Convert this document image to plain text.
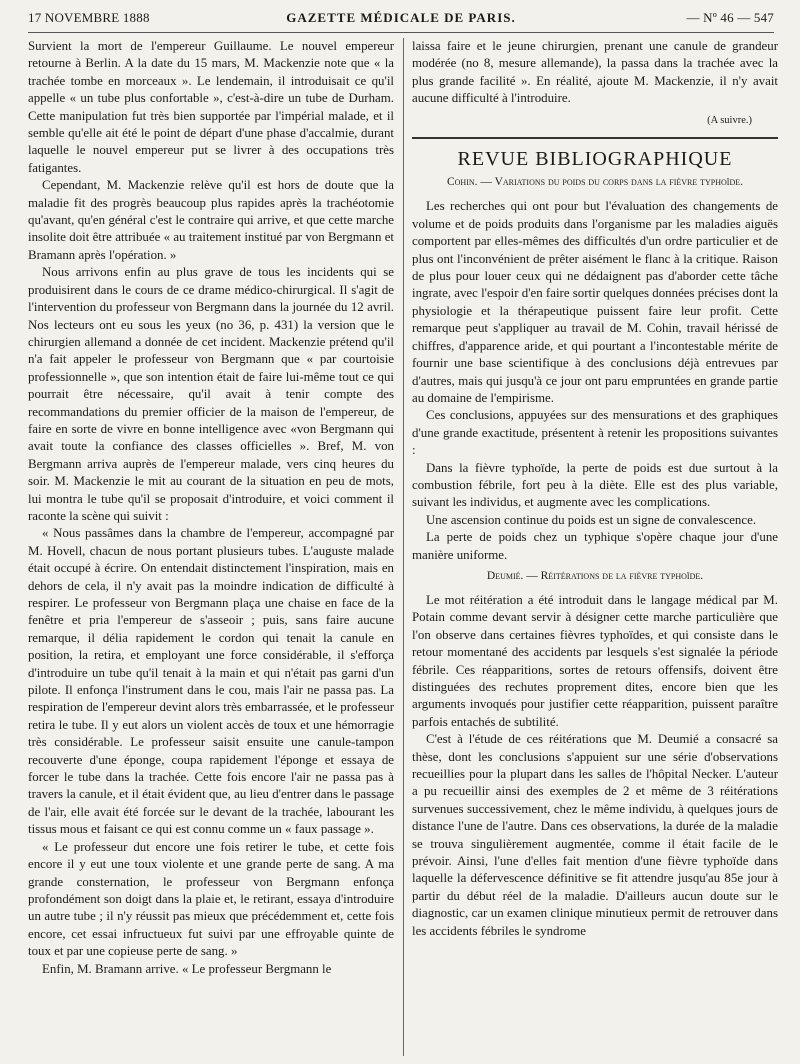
17 NOVEMBRE 1888	GAZETTE MÉDICALE DE PARIS.	— Nº 46 — 547

Survient la mort de l'empereur Guillaume. Le nouvel empereur retourne à Berlin. A la date du 15 mars, M. Mackenzie note que « la trachée tombe en morceaux ». Le lendemain, il introduisait ce qu'il appelle « un tube plus confortable », c'est-à-dire un tube de Durham. Cette manipulation fut très bien supportée par l'impérial malade, et il semble qu'elle ait été le point de départ d'une phase d'accalmie, durant laquelle le nouvel empereur put se livrer à des occupations très fatigantes.

Cependant, M. Mackenzie relève qu'il est hors de doute que la maladie fit des progrès beaucoup plus rapides après la trachéotomie qu'avant, qu'en général c'est le contraire qui arrive, et que cette marche insolite doit être attribuée « au traitement institué par von Bergmann et Bramann après l'opération. »

Nous arrivons enfin au plus grave de tous les incidents qui se produisirent dans le cours de ce drame médico-chirurgical. Il s'agit de l'intervention du professeur von Bergmann dans la journée du 12 avril. Nos lecteurs ont eu sous les yeux (no 36, p. 431) la version que le chirurgien allemand a donnée de cet incident. Mackenzie prétend qu'il n'a fait appeler le professeur von Bergmann que « par courtoisie professionnelle », que son intention était de faire lui-même tout ce qui pourrait être nécessaire, qu'il avait à tenir compte des recommandations du premier officier de la maison de l'empereur, de faire en sorte de vivre en bonne intelligence avec «von Bergmann qui avait toute la confiance des classes officielles ». Bref, M. von Bergmann arriva auprès de l'empereur malade, vers cinq heures du soir. M. Mackenzie le mit au courant de la situation en peu de mots, lui montra le tube qu'il se proposait d'introduire, et voici comment il raconte la scène qui suivit :

« Nous passâmes dans la chambre de l'empereur, accompagné par M. Hovell, chacun de nous portant plusieurs tubes. L'auguste malade était occupé à écrire. On entendait distinctement l'inspiration, mais en dehors de cela, il n'y avait pas la moindre indication de difficulté à respirer. Le professeur von Bergmann plaça une chaise en face de la fenêtre et pria l'empereur de s'asseoir ; puis, sans faire aucune remarque, il délia rapidement le cordon qui tenait la canule en position, la retira, et employant une force considérable, il s'efforça d'introduire un tube qu'il tenait à la main et qui n'était pas garni d'un pilote. Il enfonça l'instrument dans le cou, mais l'air ne passa pas. La respiration de l'empereur devint alors très embarrassée, et le professeur retira le tube. Il y eut alors un violent accès de toux et une hémorragie très considérable. Le professeur saisit ensuite une canule-tampon recouverte d'une éponge, coupa rapidement l'éponge et essaya de forcer le tube dans la trachée. Cette fois encore l'air ne passa pas à travers la canule, et il était évident que, au lieu d'entrer dans le passage de l'air, elle avait été forcée sur le devant de la trachée, labourant les tissus mous et faisant ce qui est connu comme un « faux passage ».

« Le professeur dut encore une fois retirer le tube, et cette fois encore il y eut une toux violente et une grande perte de sang. A ma grande consternation, le professeur von Bergmann enfonça profondément son doigt dans la plaie et, le retirant, essaya d'introduire un autre tube ; il n'y réussit pas mieux que précédemment et, cette fois encore, cet essai infructueux fut suivi par une effroyable quinte de toux et par une copieuse perte de sang. »

Enfin, M. Bramann arrive. « Le professeur Bergmann le

laissa faire et le jeune chirurgien, prenant une canule de grandeur modérée (no 8, mesure allemande), la passa dans la trachée avec la plus grande facilité ». En réalité, ajoute M. Mackenzie, il n'y avait aucune difficulté à l'introduire.

(A suivre.)
REVUE BIBLIOGRAPHIQUE
Cohin. — Variations du poids du corps dans la fièvre typhoïde.

Les recherches qui ont pour but l'évaluation des changements de volume et de poids produits dans l'organisme par les maladies aiguës comportent par elles-mêmes des difficultés d'un ordre particulier et de plus ont l'inconvénient de prêter aisément le flanc à la critique. Raison de plus pour louer ceux qui ne dédaignent pas d'aborder cette tâche ingrate, avec l'espoir d'en faire sortir quelques données précises dont la physiologie et la thérapeutique puissent faire leur profit. Cette remarque peut s'appliquer au travail de M. Cohin, travail hérissé de chiffres, d'apparence aride, et qui pourtant a l'incontestable mérite de fournir une base scientifique à des conclusions déjà entrevues par d'autres, mais qui jusqu'à ce jour ont paru empruntées en grande partie au domaine de l'empirisme.

Ces conclusions, appuyées sur des mensurations et des graphiques d'une grande exactitude, présentent à retenir les propositions suivantes :

Dans la fièvre typhoïde, la perte de poids est due surtout à la combustion fébrile, fort peu à la diète. Elle est des plus variable, suivant les individus, et augmente avec les complications.

Une ascension continue du poids est un signe de convalescence.

La perte de poids chez un typhique s'opère chaque jour d'une manière uniforme.

Deumié. — Réitérations de la fièvre typhoïde.

Le mot réitération a été introduit dans le langage médical par M. Potain comme devant servir à désigner cette marche particulière que l'on observe dans certaines fièvres typhoïdes, et qui consiste dans le retour momentané des accidents par lesquels s'est signalée la période fébrile. Ces réapparitions, sortes de retours offensifs, doivent être distinguées des rechutes proprement dites, encore bien que les arguments invoqués pour justifier cette réapparition, puissent paraître parfois entachés de subtilité.

C'est à l'étude de ces réitérations que M. Deumié a consacré sa thèse, dont les conclusions s'appuient sur une série d'observations recueillies pour la plupart dans les salles de l'hôpital Necker. L'auteur a pu recueillir ainsi des exemples de 2 et même de 3 réitérations survenues successivement, chez le même individu, à quelques jours de distance l'une de l'autre. Dans ces observations, la durée de la maladie se trouva singulièrement augmentée, comme il était facile de le prévoir. Ainsi, l'une d'elles fait mention d'une fièvre typhoïde dans laquelle la défervescence définitive se fit attendre jusqu'au 85e jour à partir du début réel de la maladie. D'ailleurs aucun doute sur le diagnostic, car un examen clinique minutieux permit de retrouver dans les accidents fébriles le syndrome
